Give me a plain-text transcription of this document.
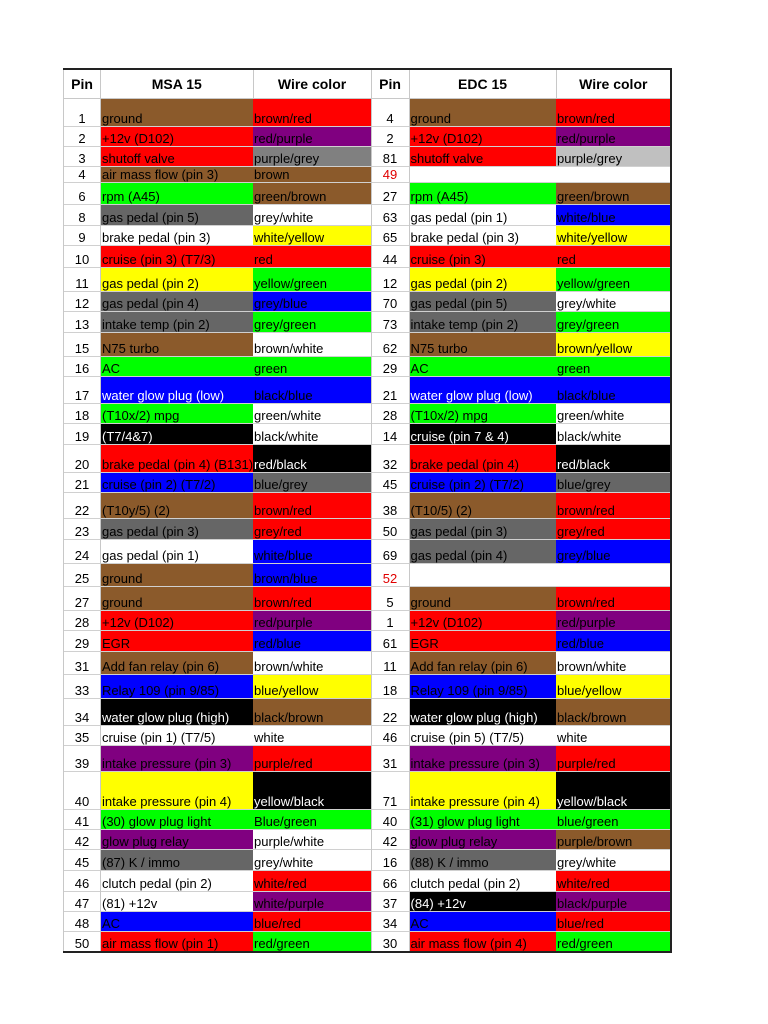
Pin	MSA 15	Wire color	Pin	EDC 15	Wire color
1	ground	brown/red	4	ground	brown/red
2	+12v (D102)	red/purple	2	+12v (D102)	red/purple
3	shutoff valve	purple/grey	81	shutoff valve	purple/grey
4	air mass flow (pin 3)	brown	49		
6	rpm (A45)	green/brown	27	rpm (A45)	green/brown
8	gas pedal (pin 5)	grey/white	63	gas pedal (pin 1)	white/blue
9	brake pedal (pin 3)	white/yellow	65	brake pedal (pin 3)	white/yellow
10	cruise (pin 3) (T7/3)	red	44	cruise (pin 3)	red
11	gas pedal (pin 2)	yellow/green	12	gas pedal (pin 2)	yellow/green
12	gas pedal (pin 4)	grey/blue	70	gas pedal (pin 5)	grey/white
13	intake temp (pin 2)	grey/green	73	intake temp (pin 2)	grey/green
15	N75 turbo	brown/white	62	N75 turbo	brown/yellow
16	AC	green	29	AC	green
17	water glow plug (low)	black/blue	21	water glow plug (low)	black/blue
18	(T10x/2) mpg	green/white	28	(T10x/2) mpg	green/white
19	(T7/4&7)	black/white	14	cruise (pin 7 & 4)	black/white
20	brake pedal (pin 4) (B131)	red/black	32	brake pedal (pin 4)	red/black
21	cruise (pin 2) (T7/2)	blue/grey	45	cruise (pin 2) (T7/2)	blue/grey
22	(T10y/5) (2)	brown/red	38	(T10/5) (2)	brown/red
23	gas pedal (pin 3)	grey/red	50	gas pedal (pin 3)	grey/red
24	gas pedal (pin 1)	white/blue	69	gas pedal (pin 4)	grey/blue
25	ground	brown/blue	52		
27	ground	brown/red	5	ground	brown/red
28	+12v (D102)	red/purple	1	+12v (D102)	red/purple
29	EGR	red/blue	61	EGR	red/blue
31	Add fan relay (pin 6)	brown/white	11	Add fan relay (pin 6)	brown/white
33	Relay 109 (pin 9/85)	blue/yellow	18	Relay 109 (pin 9/85)	blue/yellow
34	water glow plug (high)	black/brown	22	water glow plug (high)	black/brown
35	cruise (pin 1) (T7/5)	white	46	cruise (pin 5) (T7/5)	white
39	intake pressure (pin 3)	purple/red	31	intake pressure (pin 3)	purple/red
40	intake pressure (pin 4)	yellow/black	71	intake pressure (pin 4)	yellow/black
41	(30) glow plug light	Blue/green	40	(31) glow plug light	blue/green
42	glow plug relay	purple/white	42	glow plug relay	purple/brown
45	(87) K / immo	grey/white	16	(88) K / immo	grey/white
46	clutch pedal (pin 2)	white/red	66	clutch pedal (pin 2)	white/red
47	(81) +12v	white/purple	37	(84) +12v	black/purple
48	AC	blue/red	34	AC	blue/red
50	air mass flow (pin 1)	red/green	30	air mass flow (pin 4)	red/green
